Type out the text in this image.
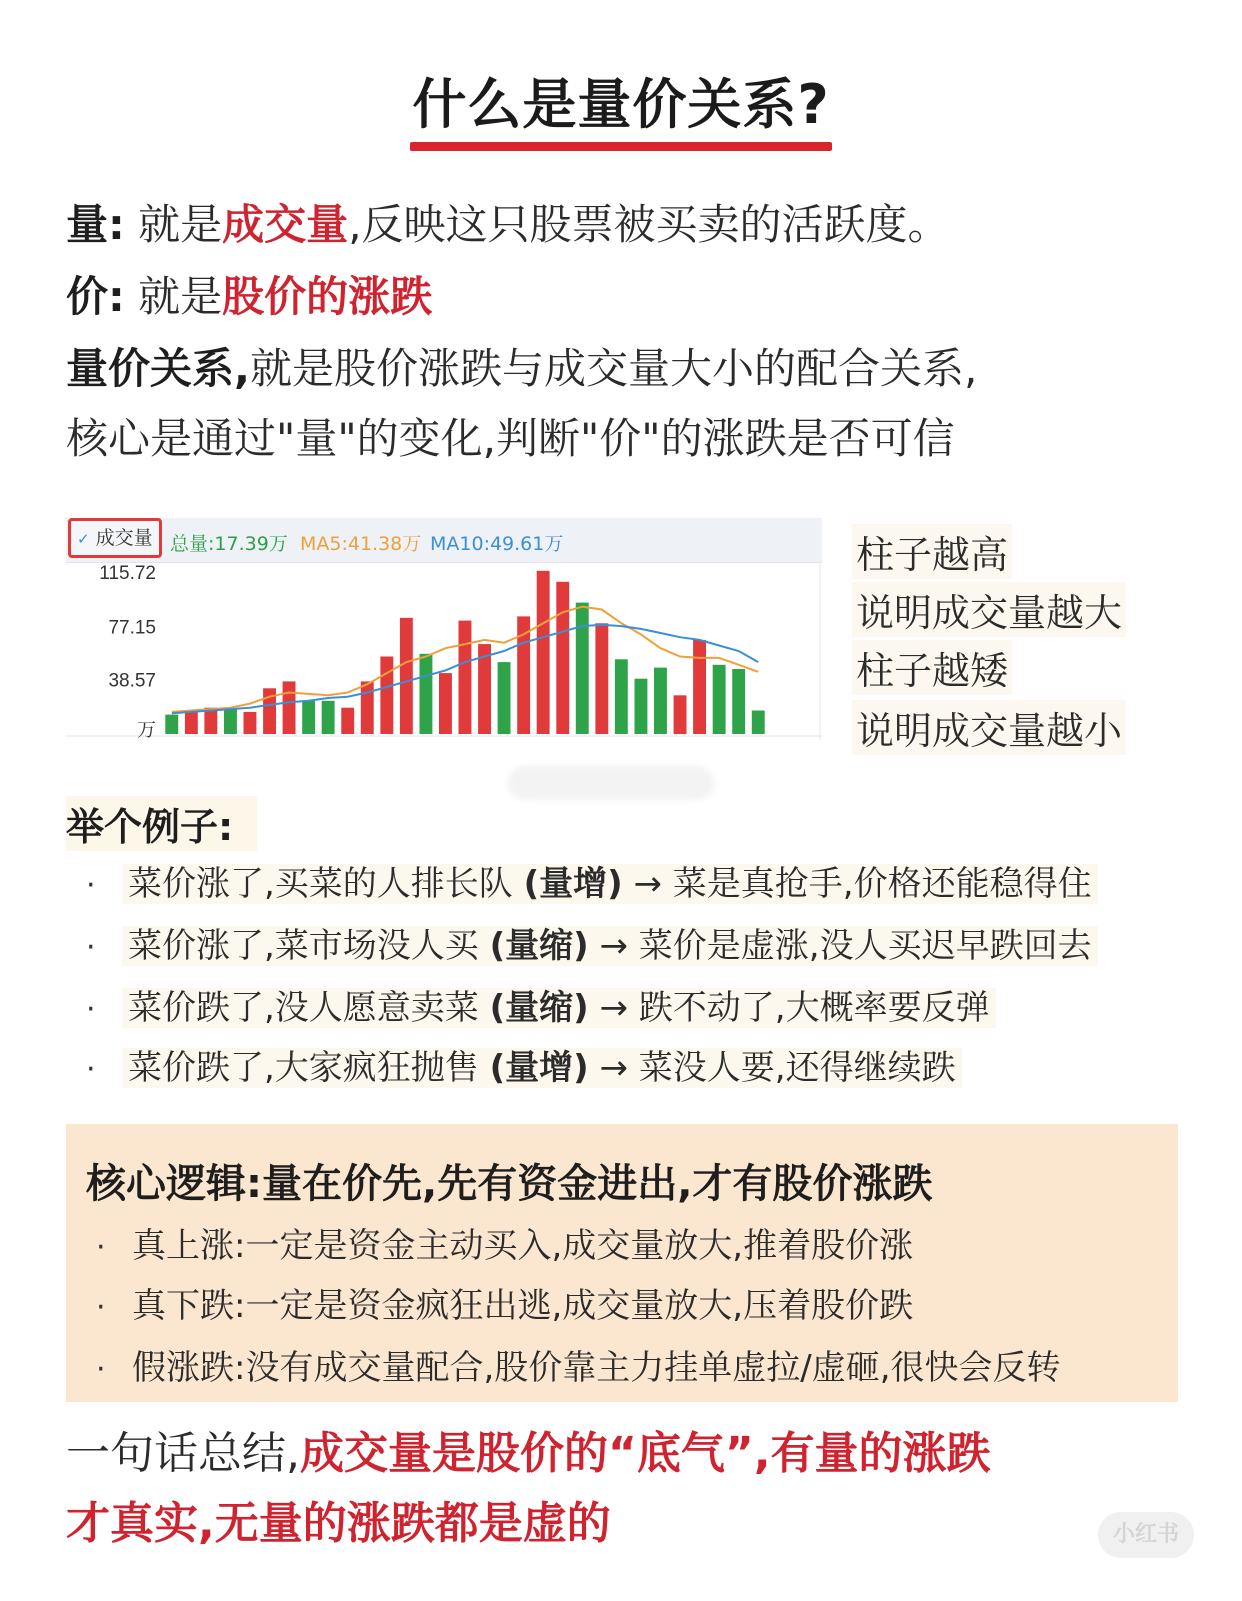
什么是量价关系?
量: 就是成交量,反映这只股票被买卖的活跃度。
价: 就是股价的涨跌
量价关系,就是股价涨跌与成交量大小的配合关系,
核心是通过"量"的变化,判断"价"的涨跌是否可信
✓ 成交量 总量:17.39万 MA5:41.38万 MA10:49.61万
115.72
77.15
38.57
万
柱子越高
说明成交量越大
柱子越矮
说明成交量越小
举个例子:
· 菜价涨了,买菜的人排长队 (量增) → 菜是真抢手,价格还能稳得住
· 菜价涨了,菜市场没人买 (量缩) → 菜价是虚涨,没人买迟早跌回去
· 菜价跌了,没人愿意卖菜 (量缩) → 跌不动了,大概率要反弹
· 菜价跌了,大家疯狂抛售 (量增) → 菜没人要,还得继续跌
核心逻辑:量在价先,先有资金进出,才有股价涨跌
· 真上涨:一定是资金主动买入,成交量放大,推着股价涨
· 真下跌:一定是资金疯狂出逃,成交量放大,压着股价跌
· 假涨跌:没有成交量配合,股价靠主力挂单虚拉/虚砸,很快会反转
一句话总结,成交量是股价的“底气”,有量的涨跌
才真实,无量的涨跌都是虚的	小红书
